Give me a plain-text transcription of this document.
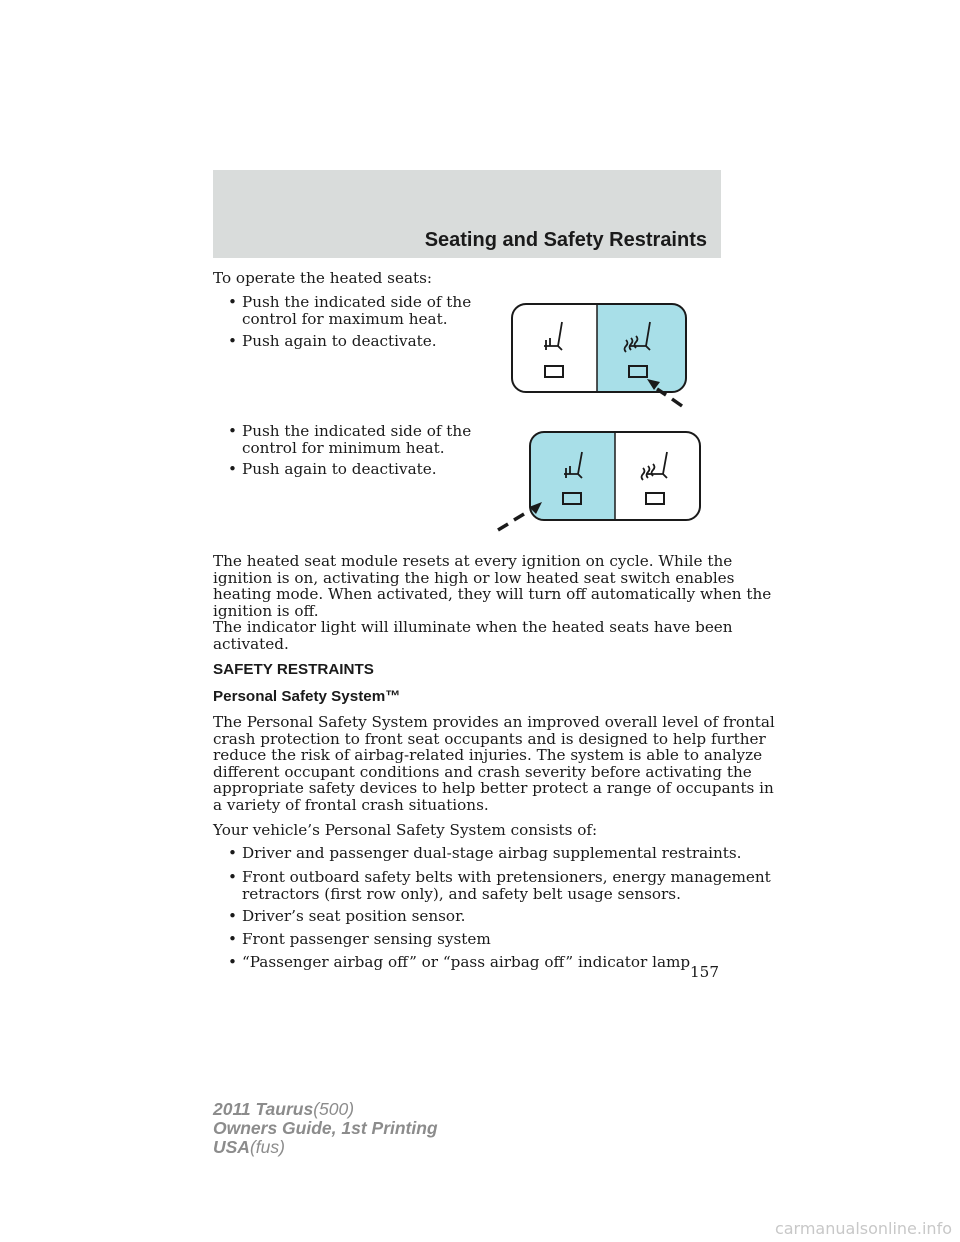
Seating and Safety Restraints
To operate the heated seats:
• Push the indicated side of the
control for maximum heat.
• Push again to deactivate.
• Push the indicated side of the
control for minimum heat.
• Push again to deactivate.
The heated seat module resets at every ignition on cycle. While the
ignition is on, activating the high or low heated seat switch enables
heating mode. When activated, they will turn off automatically when the
ignition is off.
The indicator light will illuminate when the heated seats have been
activated.
SAFETY RESTRAINTS
Personal Safety System™
The Personal Safety System provides an improved overall level of frontal
crash protection to front seat occupants and is designed to help further
reduce the risk of airbag-related injuries. The system is able to analyze
different occupant conditions and crash severity before activating the
appropriate safety devices to help better protect a range of occupants in
a variety of frontal crash situations.
Your vehicle’s Personal Safety System consists of:
• Driver and passenger dual-stage airbag supplemental restraints.
• Front outboard safety belts with pretensioners, energy management
retractors (first row only), and safety belt usage sensors.
• Driver’s seat position sensor.
• Front passenger sensing system
• “Passenger airbag off” or “pass airbag off” indicator lamp
157
2011 Taurus(500)
Owners Guide, 1st Printing
USA(fus)
carmanualsonline.info
